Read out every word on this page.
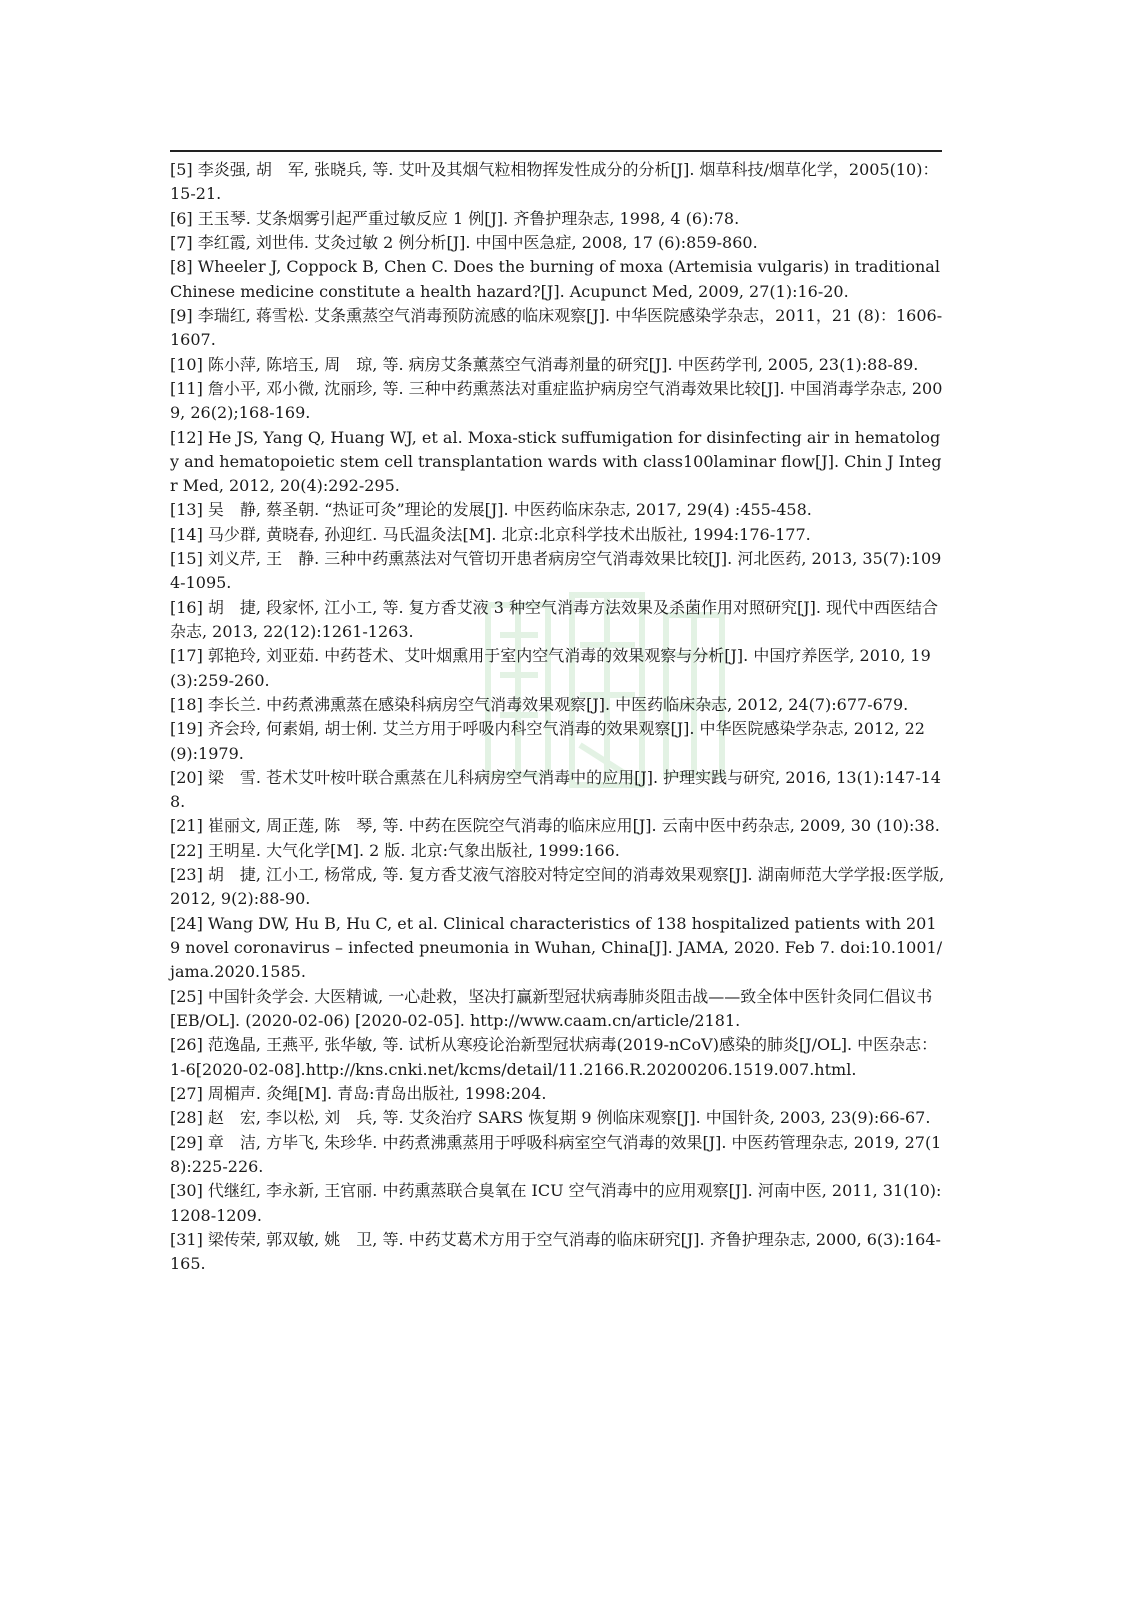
[5] 李炎强, 胡　军, 张晓兵, 等. 艾叶及其烟气粒相物挥发性成分的分析[J]. 烟草科技/烟草化学，2005(10)：15-21.
[6] 王玉琴. 艾条烟雾引起严重过敏反应 1 例[J]. 齐鲁护理杂志, 1998, 4 (6):78.
[7] 李红霞, 刘世伟. 艾灸过敏 2 例分析[J]. 中国中医急症, 2008, 17 (6):859-860.
[8] Wheeler J, Coppock B, Chen C. Does the burning of moxa (Artemisia vulgaris) in traditional Chinese medicine constitute a health hazard?[J]. Acupunct Med, 2009, 27(1):16-20.
[9] 李瑞红, 蒋雪松. 艾条熏蒸空气消毒预防流感的临床观察[J]. 中华医院感染学杂志，2011，21 (8)：1606-1607.
[10] 陈小萍, 陈培玉, 周　琼, 等. 病房艾条薰蒸空气消毒剂量的研究[J]. 中医药学刊, 2005, 23(1):88-89.
[11] 詹小平, 邓小微, 沈丽珍, 等. 三种中药熏蒸法对重症监护病房空气消毒效果比较[J]. 中国消毒学杂志, 2009, 26(2);168-169.
[12] He JS, Yang Q, Huang WJ, et al. Moxa-stick suffumigation for disinfecting air in hematology and hematopoietic stem cell transplantation wards with class100laminar flow[J]. Chin J Integr Med, 2012, 20(4):292-295.
[13] 吴　静, 蔡圣朝. “热证可灸”理论的发展[J]. 中医药临床杂志, 2017, 29(4) :455-458.
[14] 马少群, 黄晓春, 孙迎红. 马氏温灸法[M]. 北京:北京科学技术出版社, 1994:176-177.
[15] 刘义芹, 王　静. 三种中药熏蒸法对气管切开患者病房空气消毒效果比较[J]. 河北医药, 2013, 35(7):1094-1095.
[16] 胡　捷, 段家怀, 江小工, 等. 复方香艾液 3 种空气消毒方法效果及杀菌作用对照研究[J]. 现代中西医结合杂志, 2013, 22(12):1261-1263.
[17] 郭艳玲, 刘亚茹. 中药苍术、艾叶烟熏用于室内空气消毒的效果观察与分析[J]. 中国疗养医学, 2010, 19(3):259-260.
[18] 李长兰. 中药煮沸熏蒸在感染科病房空气消毒效果观察[J]. 中医药临床杂志, 2012, 24(7):677-679.
[19] 齐会玲, 何素娟, 胡士俐. 艾兰方用于呼吸内科空气消毒的效果观察[J]. 中华医院感染学杂志, 2012, 22(9):1979.
[20] 梁　雪. 苍术艾叶桉叶联合熏蒸在儿科病房空气消毒中的应用[J]. 护理实践与研究, 2016, 13(1):147-148.
[21] 崔丽文, 周正莲, 陈　琴, 等. 中药在医院空气消毒的临床应用[J]. 云南中医中药杂志, 2009, 30 (10):38.
[22] 王明星. 大气化学[M]. 2 版. 北京:气象出版社, 1999:166.
[23] 胡　捷, 江小工, 杨常成, 等. 复方香艾液气溶胶对特定空间的消毒效果观察[J]. 湖南师范大学学报:医学版, 2012, 9(2):88-90.
[24] Wang DW, Hu B, Hu C, et al. Clinical characteristics of 138 hospitalized patients with 2019 novel coronavirus – infected pneumonia in Wuhan, China[J]. JAMA, 2020. Feb 7. doi:10.1001/jama.2020.1585.
[25] 中国针灸学会. 大医精诚, 一心赴救，坚决打赢新型冠状病毒肺炎阻击战——致全体中医针灸同仁倡议书　[EB/OL]. (2020-02-06) [2020-02-05]. http://www.caam.cn/article/2181.
[26] 范逸晶, 王燕平, 张华敏, 等. 试析从寒疫论治新型冠状病毒(2019-nCoV)感染的肺炎[J/OL]. 中医杂志：
1-6[2020-02-08].http://kns.cnki.net/kcms/detail/11.2166.R.20200206.1519.007.html.
[27] 周楣声. 灸绳[M]. 青岛:青岛出版社, 1998:204.
[28] 赵　宏, 李以松, 刘　兵, 等. 艾灸治疗 SARS 恢复期 9 例临床观察[J]. 中国针灸, 2003, 23(9):66-67.
[29] 章　洁, 方毕飞, 朱珍华. 中药煮沸熏蒸用于呼吸科病室空气消毒的效果[J]. 中医药管理杂志, 2019, 27(18):225-226.
[30] 代继红, 李永新, 王官丽. 中药熏蒸联合臭氧在 ICU 空气消毒中的应用观察[J]. 河南中医, 2011, 31(10):1208-1209.
[31] 梁传荣, 郭双敏, 姚　卫, 等. 中药艾葛术方用于空气消毒的临床研究[J]. 齐鲁护理杂志, 2000, 6(3):164-165.
